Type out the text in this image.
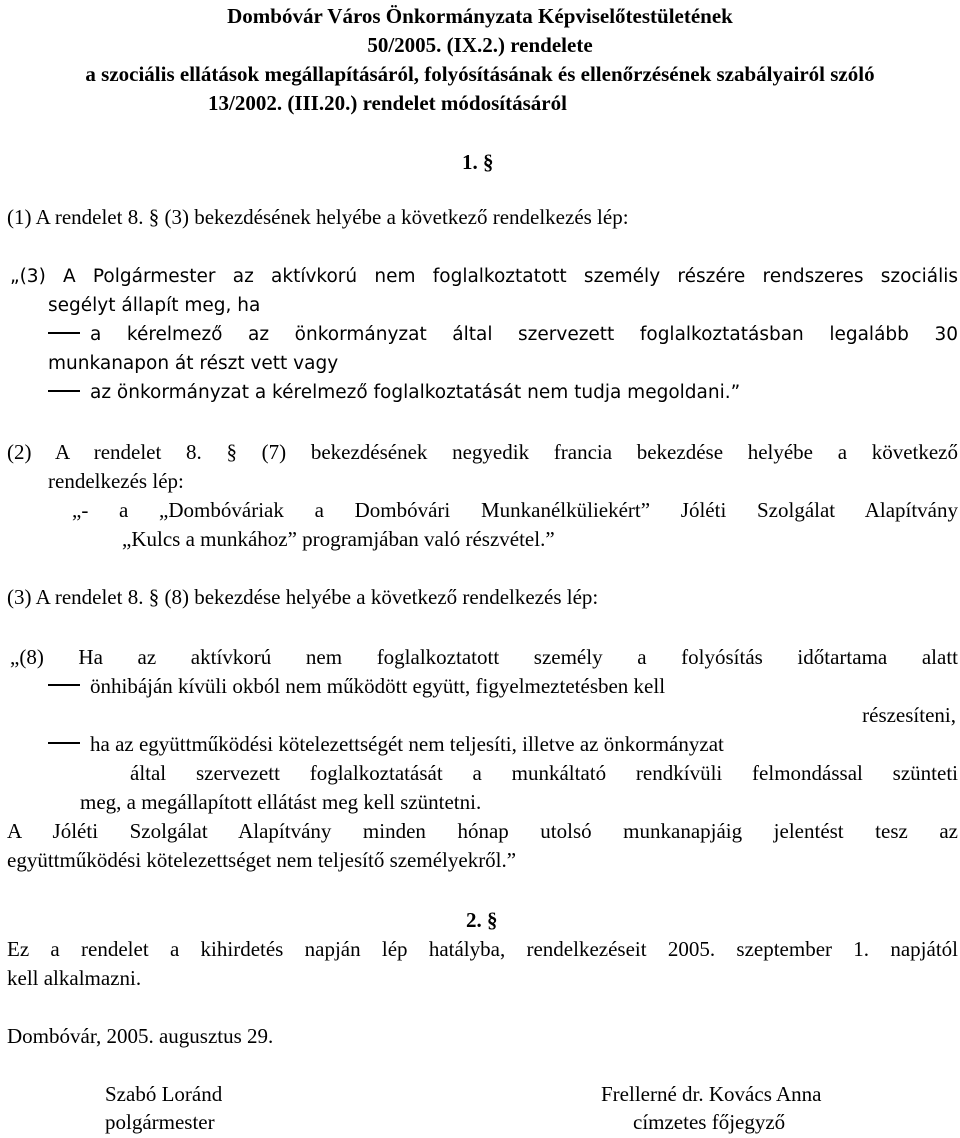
Dombóvár Város Önkormányzata Képviselőtestületének
50/2005. (IX.2.) rendelete
a szociális ellátások megállapításáról, folyósításának és ellenőrzésének szabályairól szóló
13/2002. (III.20.) rendelet módosításáról
1. §
(1) A rendelet 8. § (3) bekezdésének helyébe a következő rendelkezés lép:
„(3) A Polgármester az aktívkorú nem foglalkoztatott személy részére rendszeres szociális
segélyt állapít meg, ha
a kérelmező az önkormányzat által szervezett foglalkoztatásban legalább 30
munkanapon át részt vett vagy
az önkormányzat a kérelmező foglalkoztatását nem tudja megoldani.”
(2) A rendelet 8. § (7) bekezdésének negyedik francia bekezdése helyébe a következő
rendelkezés lép:
„- a „Dombóváriak a Dombóvári Munkanélküliekért” Jóléti Szolgálat Alapítvány
„Kulcs a munkához” programjában való részvétel.”
(3) A rendelet 8. § (8) bekezdése helyébe a következő rendelkezés lép:
„(8) Ha az aktívkorú nem foglalkoztatott személy a folyósítás időtartama alatt
önhibáján kívüli okból nem működött együtt, figyelmeztetésben kell
részesíteni,
ha az együttműködési kötelezettségét nem teljesíti, illetve az önkormányzat
által szervezett foglalkoztatását a munkáltató rendkívüli felmondással szünteti
meg, a megállapított ellátást meg kell szüntetni.
A Jóléti Szolgálat Alapítvány minden hónap utolsó munkanapjáig jelentést tesz az
együttműködési kötelezettséget nem teljesítő személyekről.”
2. §
Ez a rendelet a kihirdetés napján lép hatályba, rendelkezéseit 2005. szeptember 1. napjától
kell alkalmazni.
Dombóvár, 2005. augusztus 29.
Szabó Loránd
polgármester
Frellerné dr. Kovács Anna
címzetes főjegyző
